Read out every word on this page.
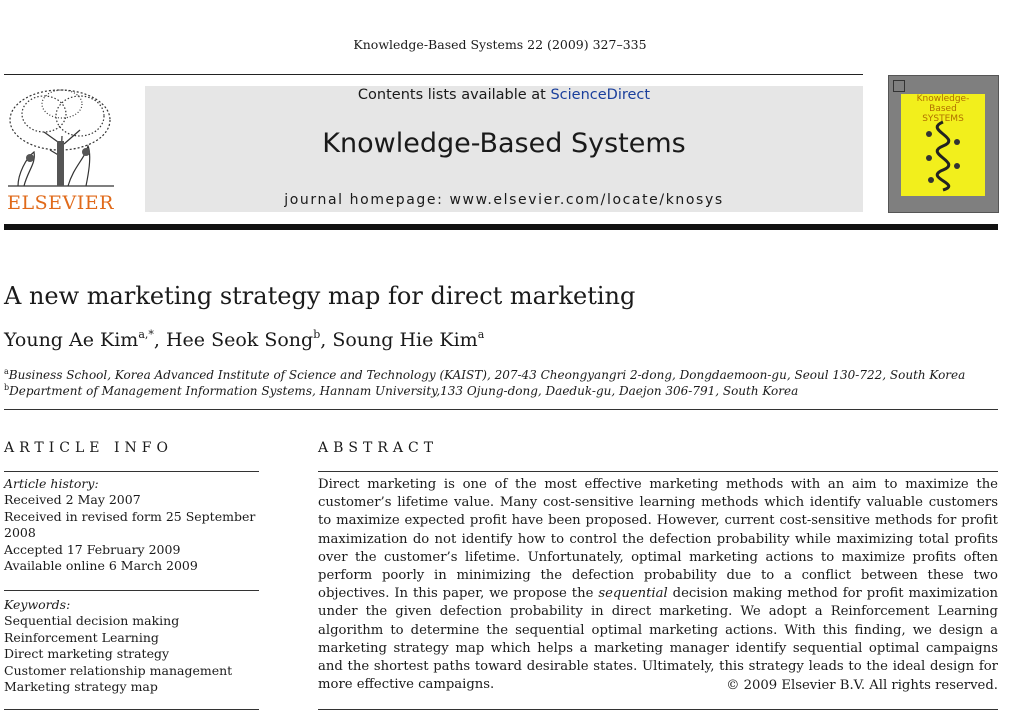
Knowledge-Based Systems 22 (2009) 327–335
ELSEVIER
Contents lists available at ScienceDirect
Knowledge-Based Systems
journal homepage: www.elsevier.com/locate/knosys
Knowledge-Based
SYSTEMS
A new marketing strategy map for direct marketing
Young Ae Kim$^{a,*}$, Hee Seok Song$^b$, Soung Hie Kim$^a$
$^a$Business School, Korea Advanced Institute of Science and Technology (KAIST), 207-43 Cheongyangri 2-dong, Dongdaemoon-gu, Seoul 130-722, South Korea
$^b$Department of Management Information Systems, Hannam University,133 Ojung-dong, Daeduk-gu, Daejon 306-791, South Korea
ARTICLE INFO
Article history:
Received 2 May 2007
Received in revised form 25 September 2008
Accepted 17 February 2009
Available online 6 March 2009
Keywords:
Sequential decision making
Reinforcement Learning
Direct marketing strategy
Customer relationship management
Marketing strategy map
ABSTRACT
Direct marketing is one of the most effective marketing methods with an aim to maximize the customer’s lifetime value. Many cost-sensitive learning methods which identify valuable customers to maximize expected profit have been proposed. However, current cost-sensitive methods for profit maximization do not identify how to control the defection probability while maximizing total profits over the customer’s lifetime. Unfortunately, optimal marketing actions to maximize profits often perform poorly in minimizing the defection probability due to a conflict between these two objectives. In this paper, we propose the sequential decision making method for profit maximization under the given defection probability in direct marketing. We adopt a Reinforcement Learning algorithm to determine the sequential optimal marketing actions. With this finding, we design a marketing strategy map which helps a marketing manager identify sequential optimal campaigns and the shortest paths toward desirable states. Ultimately, this strategy leads to the ideal design for more effective campaigns.	© 2009 Elsevier B.V. All rights reserved.
